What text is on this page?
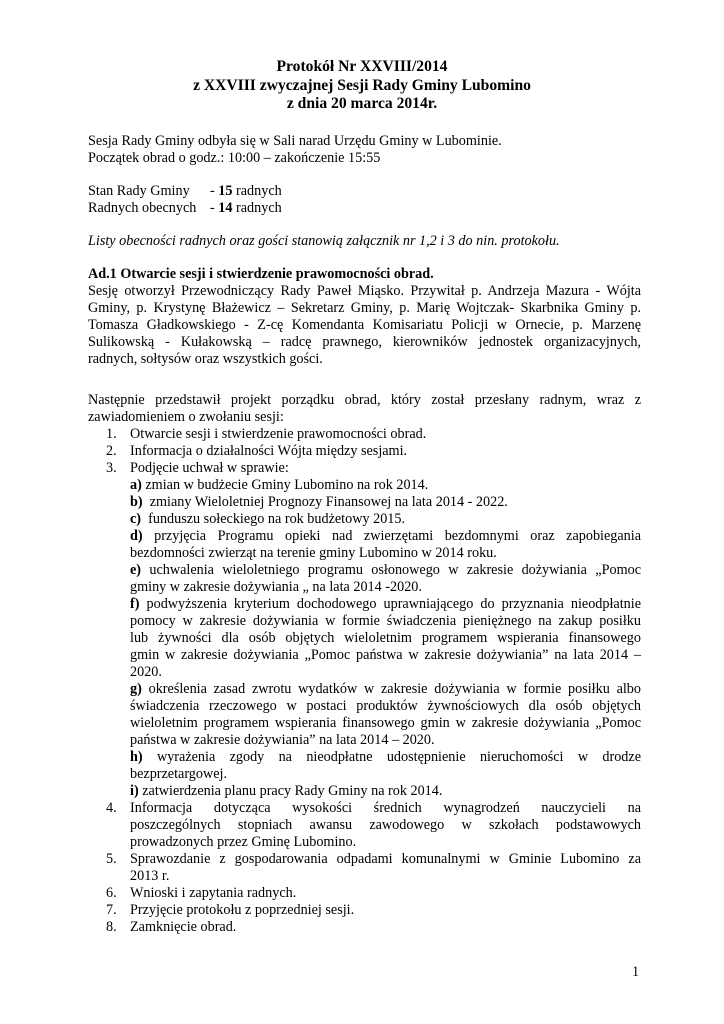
Protokół Nr XXVIII/2014
z XXVIII zwyczajnej Sesji Rady Gminy Lubomino
z dnia 20 marca 2014r.
Sesja Rady Gminy odbyła się w Sali narad Urzędu Gminy w Lubominie.
Początek obrad o godz.: 10:00 – zakończenie 15:55
Stan Rady Gminy	- 15 radnych
Radnych obecnych - 14 radnych
Listy obecności radnych oraz gości stanowią załącznik nr 1,2 i 3 do nin. protokołu.
Ad.1 Otwarcie sesji i stwierdzenie prawomocności obrad.
Sesję otworzył Przewodniczący Rady Paweł Miąsko. Przywitał p. Andrzeja Mazura - Wójta
Gminy, p. Krystynę Błażewicz – Sekretarz Gminy, p. Marię Wojtczak- Skarbnika Gminy p.
Tomasza Gładkowskiego - Z-cę Komendanta Komisariatu Policji w Ornecie, p. Marzenę
Sulikowską - Kułakowską – radcę prawnego, kierowników jednostek organizacyjnych,
radnych, sołtysów oraz wszystkich gości.
Następnie przedstawił projekt porządku obrad, który został przesłany radnym, wraz z
zawiadomieniem o zwołaniu sesji:
1. Otwarcie sesji i stwierdzenie prawomocności obrad.
2. Informacja o działalności Wójta między sesjami.
3. Podjęcie uchwał w sprawie:
a) zmian w budżecie Gminy Lubomino na rok 2014.
b) zmiany Wieloletniej Prognozy Finansowej na lata 2014 - 2022.
c) funduszu sołeckiego na rok budżetowy 2015.
d) przyjęcia Programu opieki nad zwierzętami bezdomnymi oraz zapobiegania
bezdomności zwierząt na terenie gminy Lubomino w 2014 roku.
e) uchwalenia wieloletniego programu osłonowego w zakresie dożywiania „Pomoc
gminy w zakresie dożywiania „ na lata 2014 -2020.
f) podwyższenia kryterium dochodowego uprawniającego do przyznania nieodpłatnie
pomocy w zakresie dożywiania w formie świadczenia pieniężnego na zakup posiłku
lub żywności dla osób objętych wieloletnim programem wspierania finansowego
gmin w zakresie dożywiania „Pomoc państwa w zakresie dożywiania” na lata 2014 –
2020.
g) określenia zasad zwrotu wydatków w zakresie dożywiania w formie posiłku albo
świadczenia rzeczowego w postaci produktów żywnościowych dla osób objętych
wieloletnim programem wspierania finansowego gmin w zakresie dożywiania „Pomoc
państwa w zakresie dożywiania” na lata 2014 – 2020.
h) wyrażenia zgody na nieodpłatne udostępnienie nieruchomości w drodze
bezprzetargowej.
i) zatwierdzenia planu pracy Rady Gminy na rok 2014.
4. Informacja dotycząca wysokości średnich wynagrodzeń nauczycieli na
poszczególnych stopniach awansu zawodowego w szkołach podstawowych
prowadzonych przez Gminę Lubomino.
5. Sprawozdanie z gospodarowania odpadami komunalnymi w Gminie Lubomino za
2013 r.
6. Wnioski i zapytania radnych.
7. Przyjęcie protokołu z poprzedniej sesji.
8. Zamknięcie obrad.
1
